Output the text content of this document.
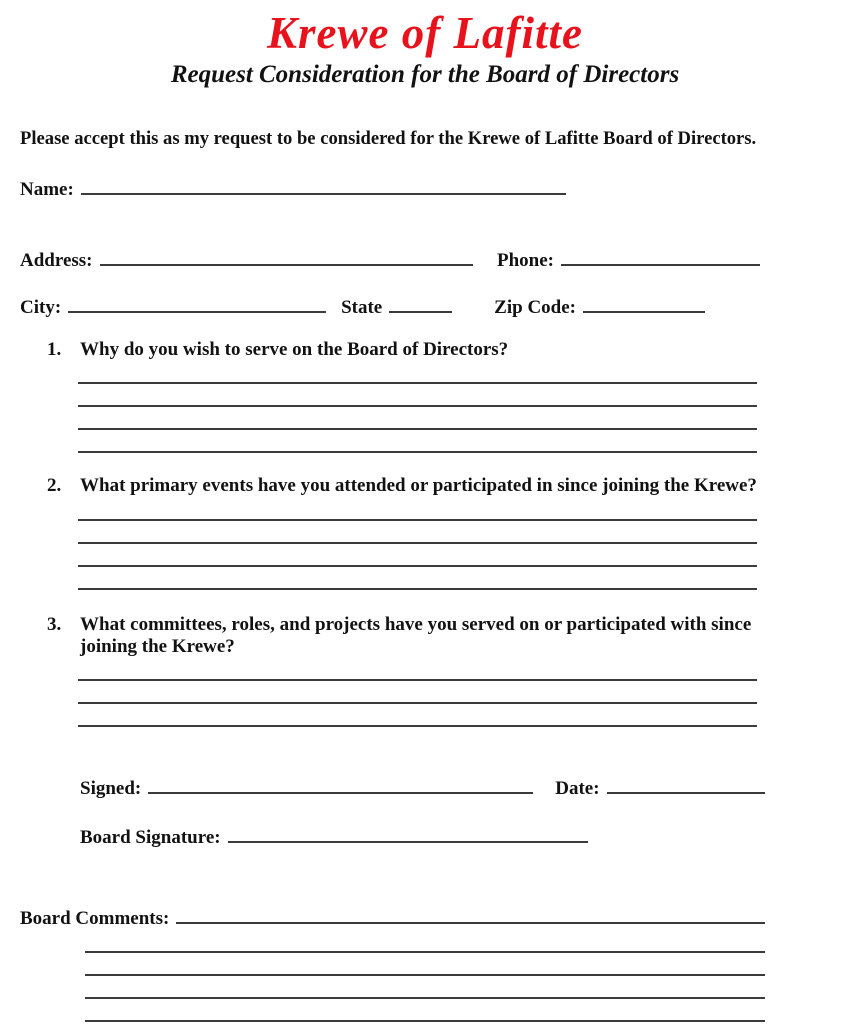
Krewe of Lafitte
Request Consideration for the Board of Directors
Please accept this as my request to be considered for the Krewe of Lafitte Board of Directors.
Name:
Address:	Phone:
City:	State	Zip Code:
1. Why do you wish to serve on the Board of Directors?
2. What primary events have you attended or participated in since joining the Krewe?
3. What committees, roles, and projects have you served on or participated with since joining the Krewe?
Signed:	Date:
Board Signature:
Board Comments:
